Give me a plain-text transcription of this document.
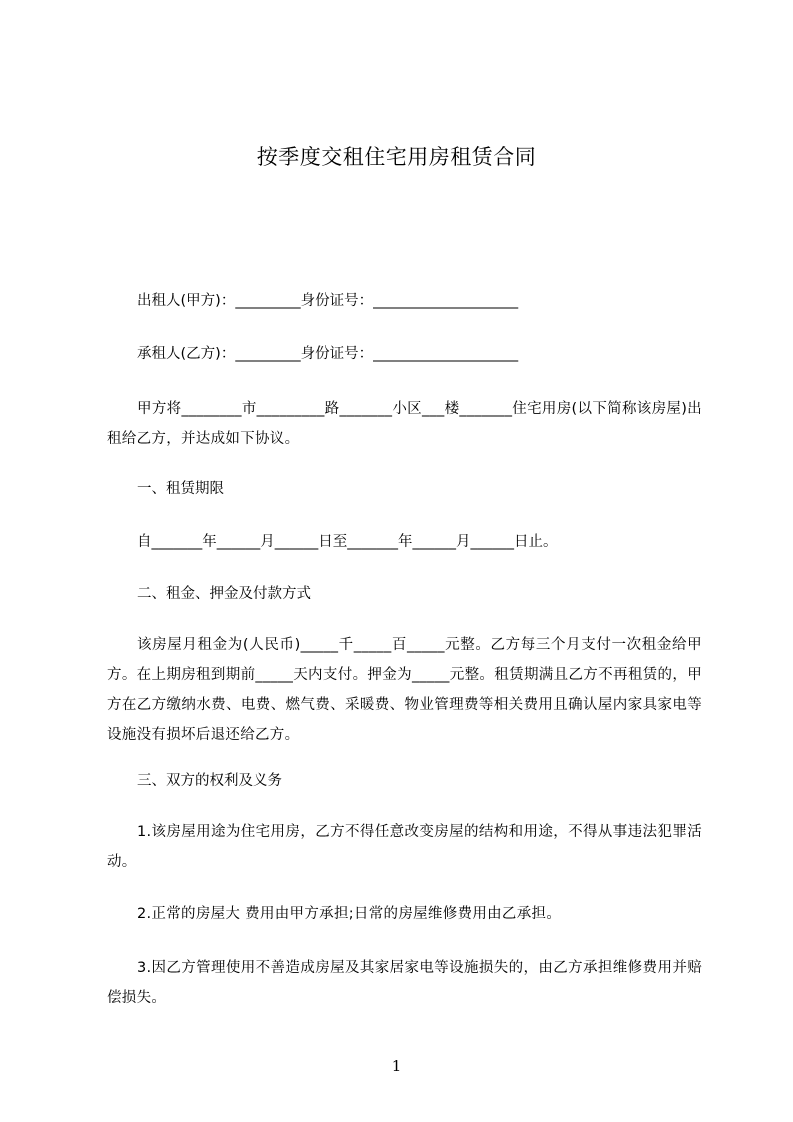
按季度交租住宅用房租赁合同
出租人(甲方)：_________身份证号：____________________
承租人(乙方)：_________身份证号：____________________
甲方将________市_________路_______小区___楼_______住宅用房(以下简称该房屋)出租给乙方，并达成如下协议。
一、租赁期限
自_______年______月______日至_______年______月______日止。
二、租金、押金及付款方式
该房屋月租金为(人民币)_____千_____百_____元整。乙方每三个月支付一次租金给甲方。在上期房租到期前_____天内支付。押金为_____元整。租赁期满且乙方不再租赁的，甲方在乙方缴纳水费、电费、燃气费、采暖费、物业管理费等相关费用且确认屋内家具家电等设施没有损坏后退还给乙方。
三、双方的权利及义务
1.该房屋用途为住宅用房，乙方不得任意改变房屋的结构和用途，不得从事违法犯罪活动。
2.正常的房屋大 费用由甲方承担;日常的房屋维修费用由乙承担。
3.因乙方管理使用不善造成房屋及其家居家电等设施损失的，由乙方承担维修费用并赔偿损失。
1
